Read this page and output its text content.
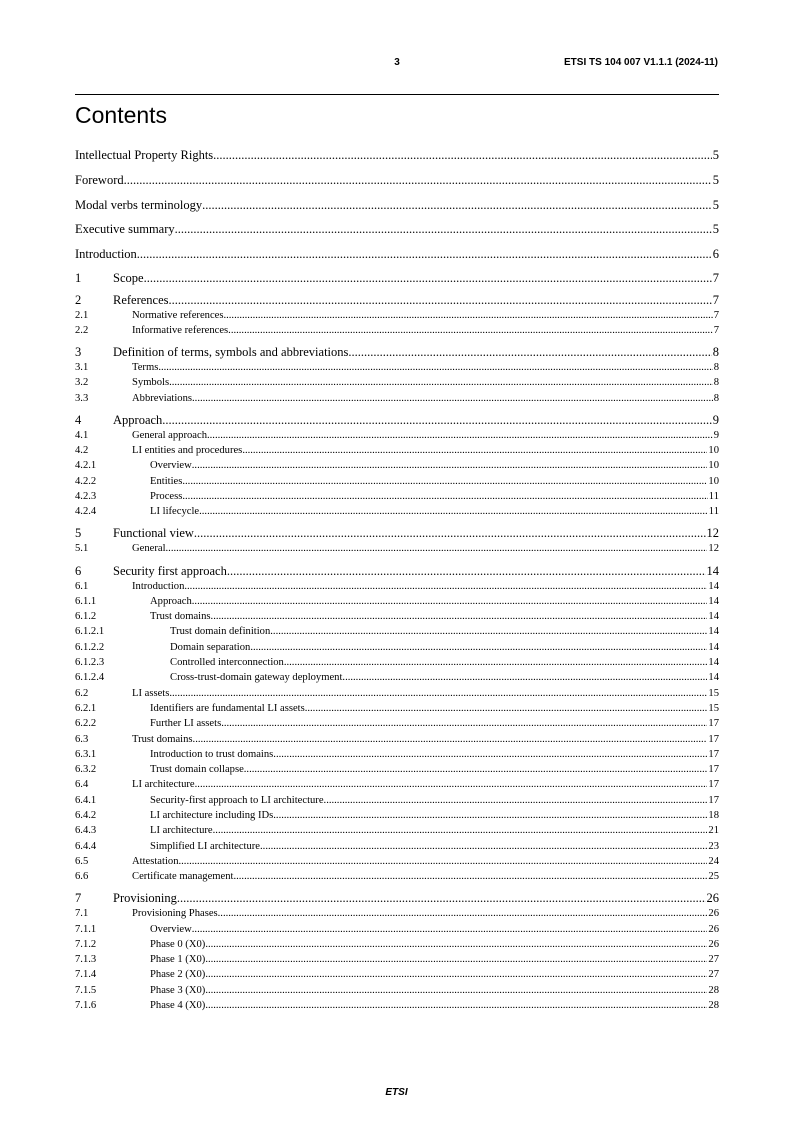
3	ETSI TS 104 007 V1.1.1 (2024-11)
Contents
Intellectual Property Rights .....	5
Foreword .....	5
Modal verbs terminology .....	5
Executive summary .....	5
Introduction .....	6
1	Scope .....	7
2	References .....	7
2.1	Normative references .....	7
2.2	Informative references .....	7
3	Definition of terms, symbols and abbreviations .....	8
3.1	Terms .....	8
3.2	Symbols .....	8
3.3	Abbreviations .....	8
4	Approach .....	9
4.1	General approach .....	9
4.2	LI entities and procedures .....	10
4.2.1	Overview .....	10
4.2.2	Entities .....	10
4.2.3	Process .....	11
4.2.4	LI lifecycle .....	11
5	Functional view .....	12
5.1	General .....	12
6	Security first approach .....	14
6.1	Introduction .....	14
6.1.1	Approach .....	14
6.1.2	Trust domains .....	14
6.1.2.1	Trust domain definition .....	14
6.1.2.2	Domain separation .....	14
6.1.2.3	Controlled interconnection .....	14
6.1.2.4	Cross-trust-domain gateway deployment .....	14
6.2	LI assets .....	15
6.2.1	Identifiers are fundamental LI assets .....	15
6.2.2	Further LI assets .....	17
6.3	Trust domains .....	17
6.3.1	Introduction to trust domains .....	17
6.3.2	Trust domain collapse .....	17
6.4	LI architecture .....	17
6.4.1	Security-first approach to LI architecture .....	17
6.4.2	LI architecture including IDs .....	18
6.4.3	LI architecture .....	21
6.4.4	Simplified LI architecture .....	23
6.5	Attestation .....	24
6.6	Certificate management .....	25
7	Provisioning .....	26
7.1	Provisioning Phases .....	26
7.1.1	Overview .....	26
7.1.2	Phase 0 (X0) .....	26
7.1.3	Phase 1 (X0) .....	27
7.1.4	Phase 2 (X0) .....	27
7.1.5	Phase 3 (X0) .....	28
7.1.6	Phase 4 (X0) .....	28
ETSI
